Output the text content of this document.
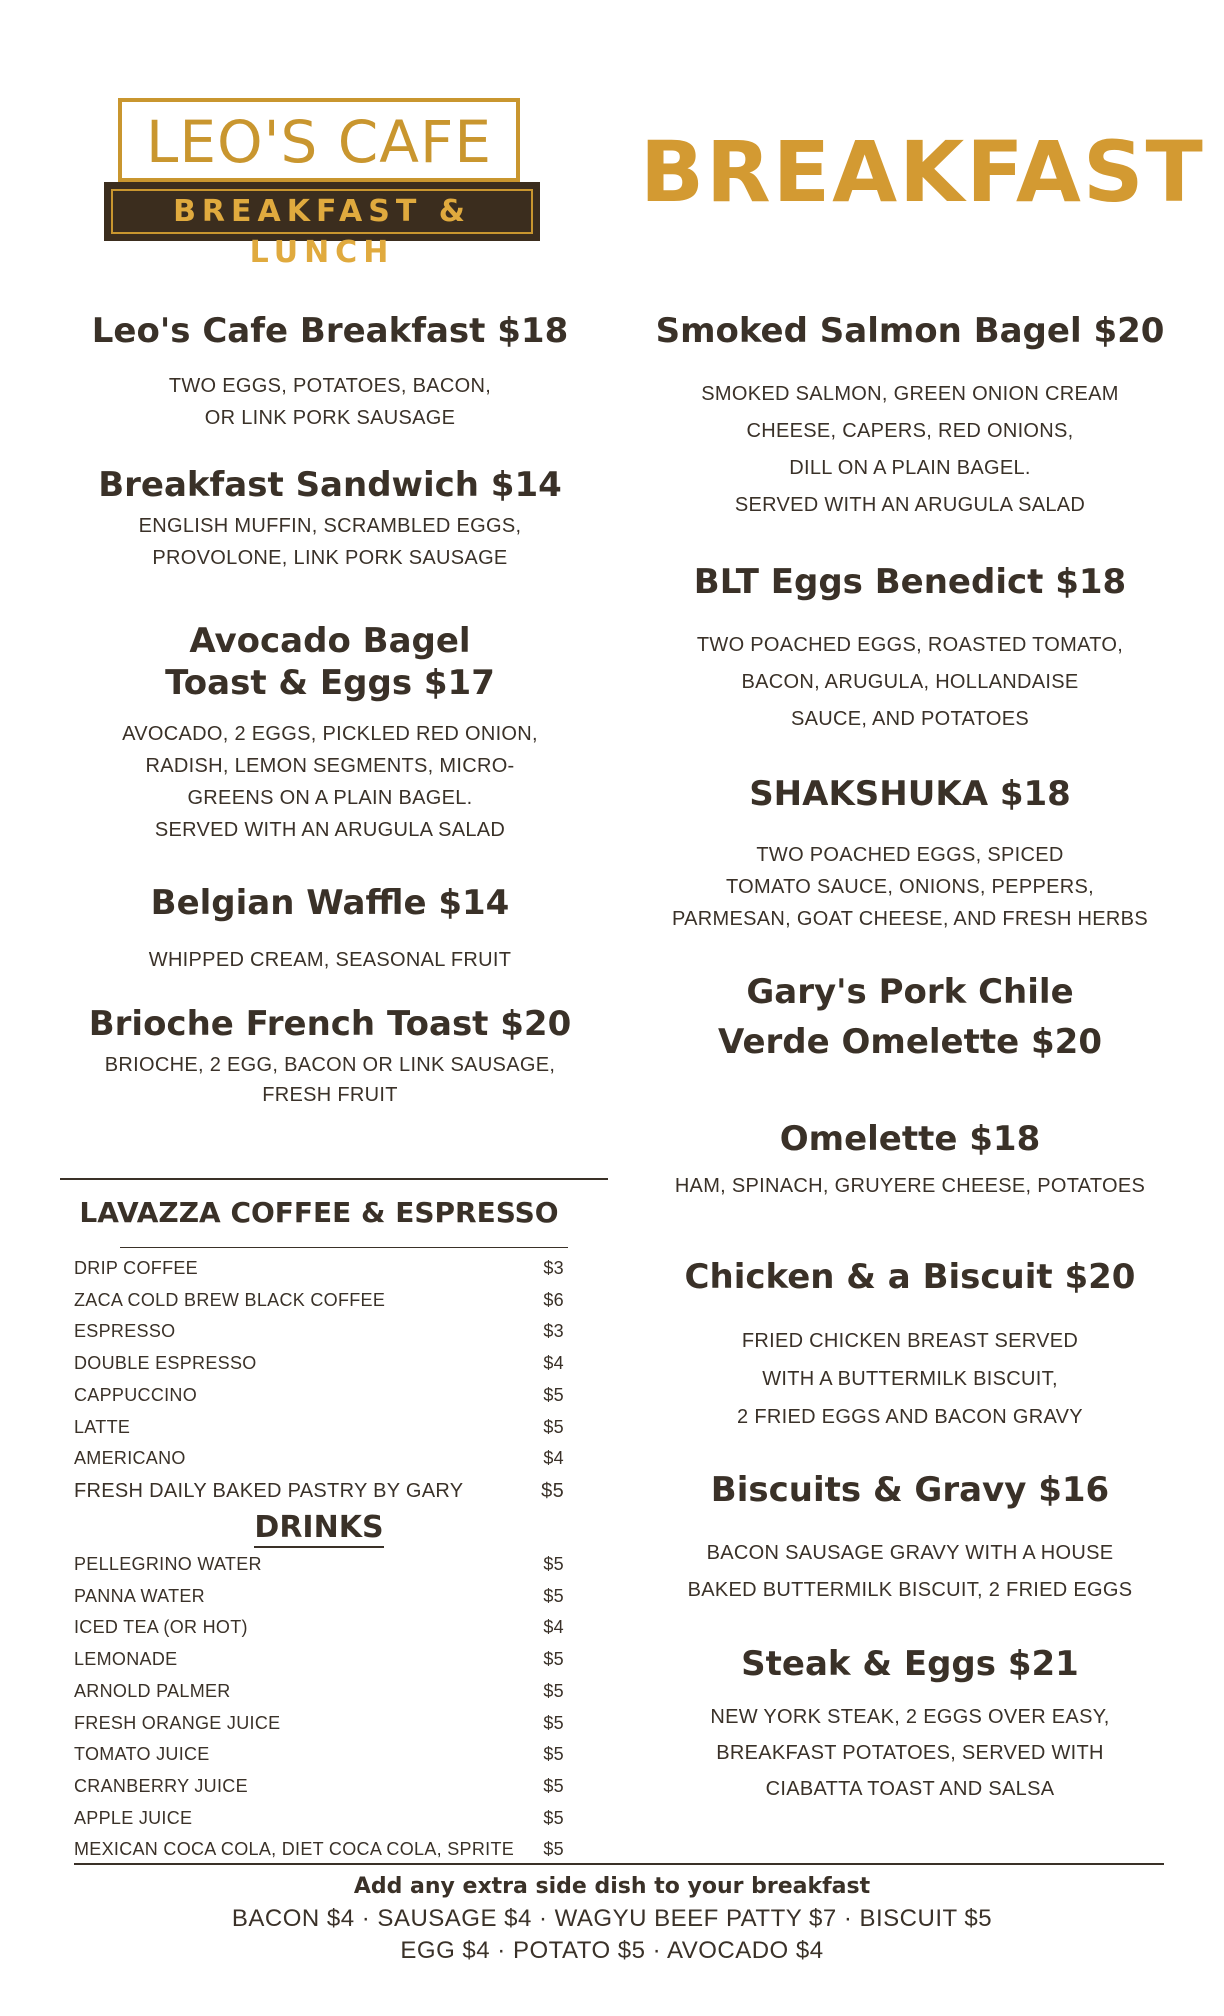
LEO'S CAFE
BREAKFAST & LUNCH
BREAKFAST
Leo's Cafe Breakfast $18
TWO EGGS, POTATOES, BACON,
OR LINK PORK SAUSAGE
Breakfast Sandwich $14
ENGLISH MUFFIN, SCRAMBLED EGGS,
PROVOLONE, LINK PORK SAUSAGE
Avocado Bagel
Toast & Eggs $17
AVOCADO, 2 EGGS, PICKLED RED ONION,
RADISH, LEMON SEGMENTS, MICRO-
GREENS ON A PLAIN BAGEL.
SERVED WITH AN ARUGULA SALAD
Belgian Waffle $14
WHIPPED CREAM, SEASONAL FRUIT
Brioche French Toast $20
BRIOCHE, 2 EGG, BACON OR LINK SAUSAGE,
FRESH FRUIT
Smoked Salmon Bagel $20
SMOKED SALMON, GREEN ONION CREAM
CHEESE, CAPERS, RED ONIONS,
DILL ON A PLAIN BAGEL.
SERVED WITH AN ARUGULA SALAD
BLT Eggs Benedict $18
TWO POACHED EGGS, ROASTED TOMATO,
BACON, ARUGULA, HOLLANDAISE
SAUCE, AND POTATOES
SHAKSHUKA $18
TWO POACHED EGGS, SPICED
TOMATO SAUCE, ONIONS, PEPPERS,
PARMESAN, GOAT CHEESE, AND FRESH HERBS
Gary's Pork Chile
Verde Omelette $20
Omelette $18
HAM, SPINACH, GRUYERE CHEESE, POTATOES
Chicken & a Biscuit $20
FRIED CHICKEN BREAST SERVED
WITH A BUTTERMILK BISCUIT,
2 FRIED EGGS AND BACON GRAVY
Biscuits & Gravy $16
BACON SAUSAGE GRAVY WITH A HOUSE
BAKED BUTTERMILK BISCUIT, 2 FRIED EGGS
Steak & Eggs $21
NEW YORK STEAK, 2 EGGS OVER EASY,
BREAKFAST POTATOES, SERVED WITH
CIABATTA TOAST AND SALSA
LAVAZZA COFFEE & ESPRESSO
DRIP COFFEE	$3
ZACA COLD BREW BLACK COFFEE	$6
ESPRESSO	$3
DOUBLE ESPRESSO	$4
CAPPUCCINO	$5
LATTE	$5
AMERICANO	$4
FRESH DAILY BAKED PASTRY BY GARY	$5
DRINKS
PELLEGRINO WATER	$5
PANNA WATER	$5
ICED TEA (OR HOT)	$4
LEMONADE	$5
ARNOLD PALMER	$5
FRESH ORANGE JUICE	$5
TOMATO JUICE	$5
CRANBERRY JUICE	$5
APPLE JUICE	$5
MEXICAN COCA COLA, DIET COCA COLA, SPRITE $5
Add any extra side dish to your breakfast
BACON $4 · SAUSAGE $4 · WAGYU BEEF PATTY $7 · BISCUIT $5
EGG $4 · POTATO $5 · AVOCADO $4
